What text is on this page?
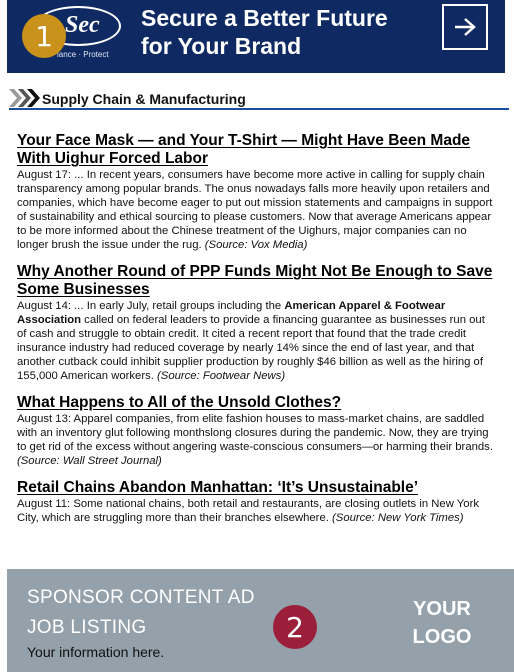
Sec
iance · Protect
Secure a Better Future
for Your Brand
1
Supply Chain & Manufacturing
Your Face Mask — and Your T-Shirt — Might Have Been Made With Uighur Forced Labor

August 17: ... In recent years, consumers have become more active in calling for supply chain transparency among popular brands. The onus nowadays falls more heavily upon retailers and companies, which have become eager to put out mission statements and campaigns in support of sustainability and ethical sourcing to please customers. Now that average Americans appear to be more informed about the Chinese treatment of the Uighurs, major companies can no longer brush the issue under the rug. (Source: Vox Media)

Why Another Round of PPP Funds Might Not Be Enough to Save Some Businesses

August 14: ... In early July, retail groups including the American Apparel & Footwear Association called on federal leaders to provide a financing guarantee as businesses run out of cash and struggle to obtain credit. It cited a recent report that found that the trade credit insurance industry had reduced coverage by nearly 14% since the end of last year, and that another cutback could inhibit supplier production by roughly $46 billion as well as the hiring of 155,000 American workers. (Source: Footwear News)

What Happens to All of the Unsold Clothes?

August 13: Apparel companies, from elite fashion houses to mass-market chains, are saddled with an inventory glut following monthslong closures during the pandemic. Now, they are trying to get rid of the excess without angering waste-conscious consumers—or harming their brands. (Source: Wall Street Journal)

Retail Chains Abandon Manhattan: ‘It’s Unsustainable’

August 11: Some national chains, both retail and restaurants, are closing outlets in New York City, which are struggling more than their branches elsewhere. (Source: New York Times)

SPONSOR CONTENT AD
JOB LISTING
Your information here.
YOUR
LOGO
2
